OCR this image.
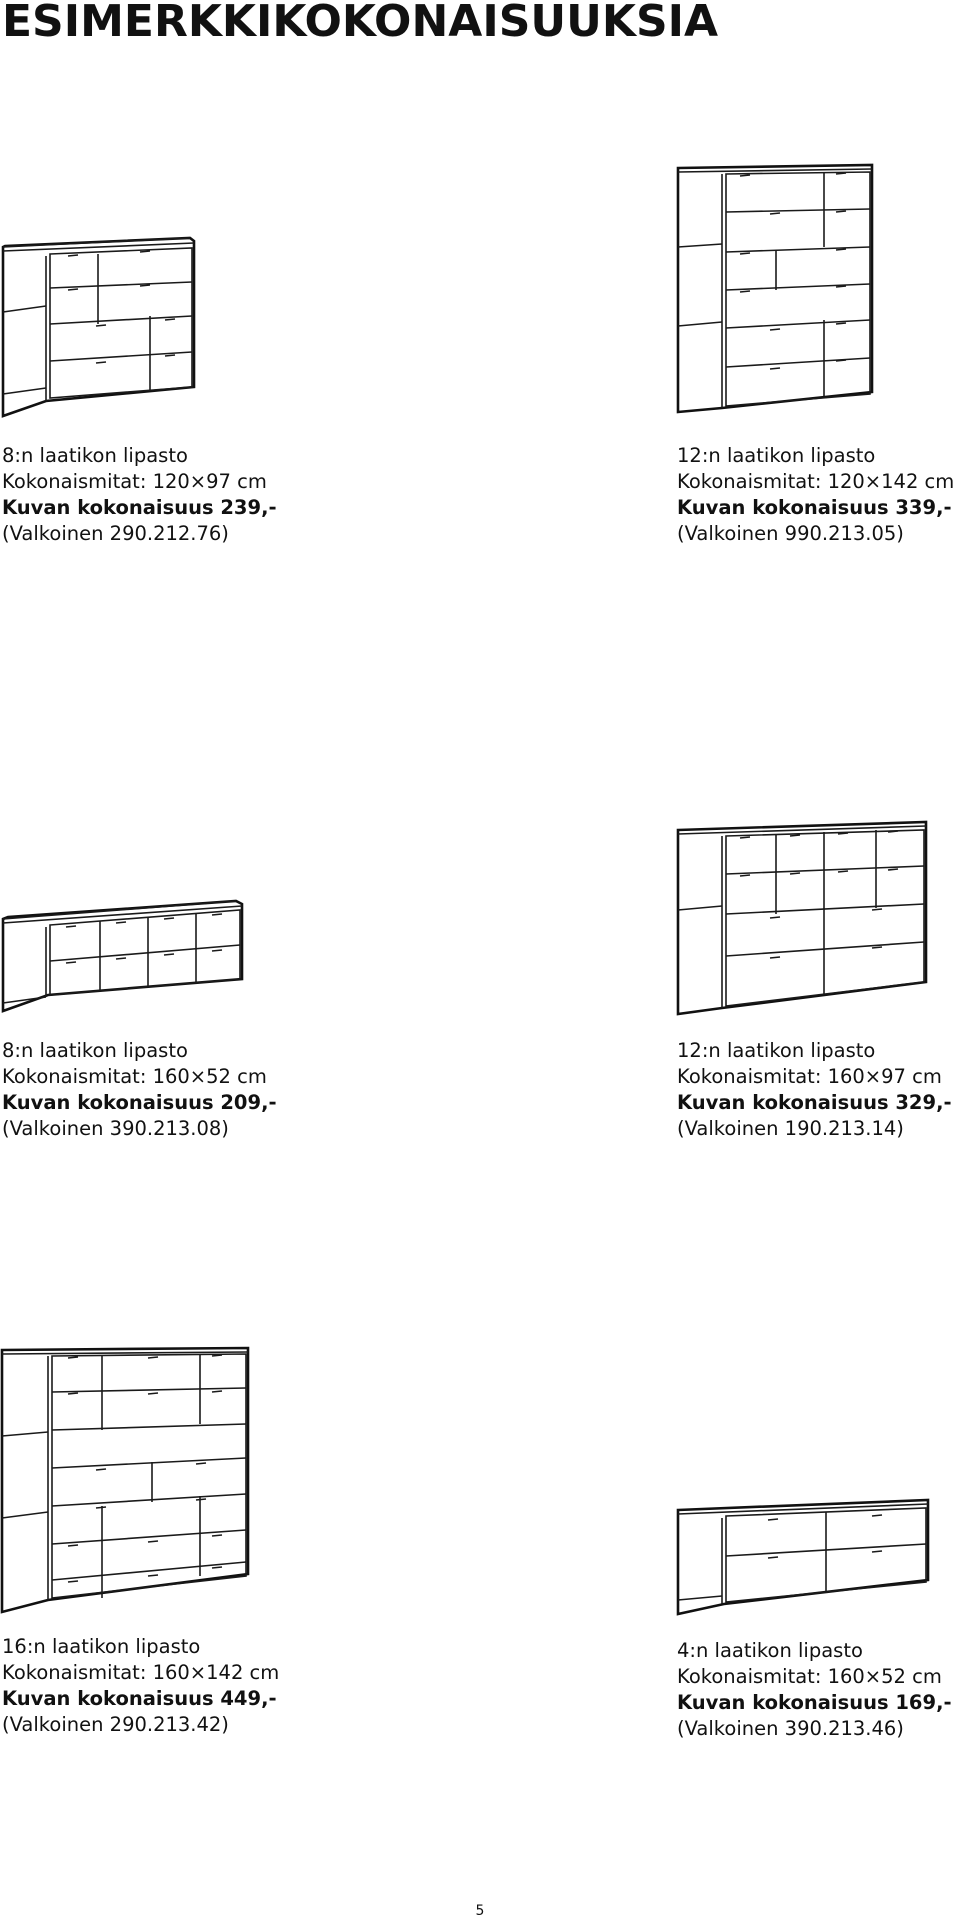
ESIMERKKIKOKONAISUUKSIA
8:n laatikon lipasto
Kokonaismitat: 120×97 cm
Kuvan kokonaisuus 239,-
(Valkoinen 290.212.76)
12:n laatikon lipasto
Kokonaismitat: 120×142 cm
Kuvan kokonaisuus 339,-
(Valkoinen 990.213.05)
8:n laatikon lipasto
Kokonaismitat: 160×52 cm
Kuvan kokonaisuus 209,-
(Valkoinen 390.213.08)
12:n laatikon lipasto
Kokonaismitat: 160×97 cm
Kuvan kokonaisuus 329,-
(Valkoinen 190.213.14)
16:n laatikon lipasto
Kokonaismitat: 160×142 cm
Kuvan kokonaisuus 449,-
(Valkoinen 290.213.42)
4:n laatikon lipasto
Kokonaismitat: 160×52 cm
Kuvan kokonaisuus 169,-
(Valkoinen 390.213.46)
5
